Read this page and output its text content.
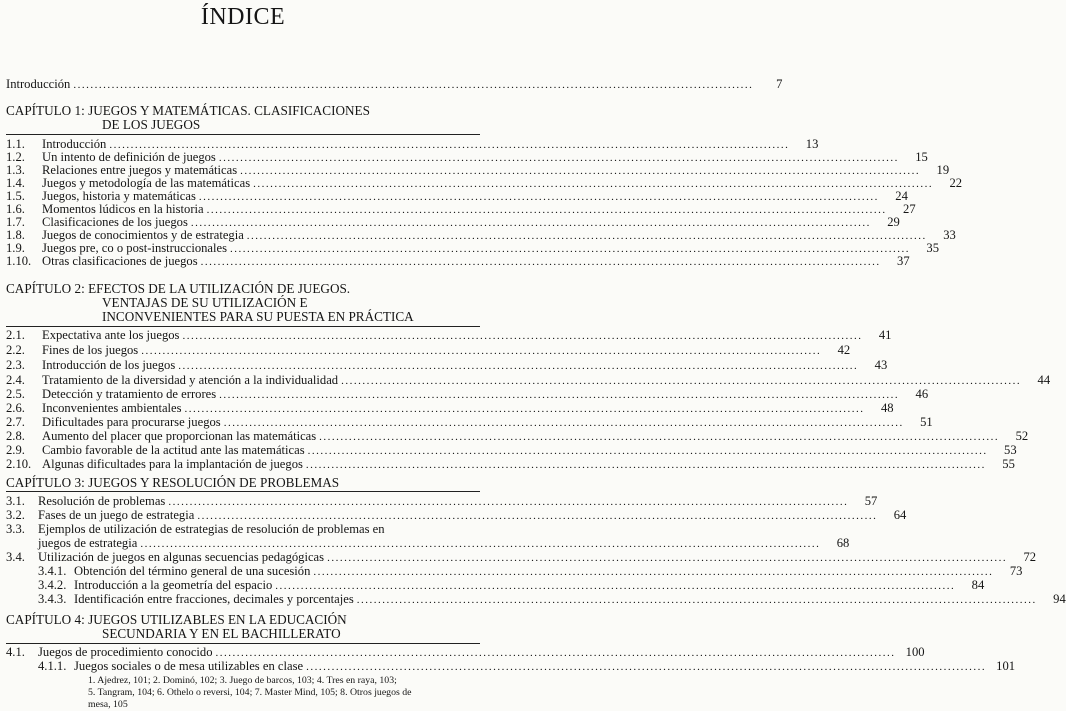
ÍNDICE
Introducción ................................................................................................................................................................	7
CAPÍTULO 1: JUEGOS Y MATEMÁTICAS. CLASIFICACIONES
DE LOS JUEGOS
1.1.	Introducción ................................................................................................................................................................	13
1.2.	Un intento de definición de juegos ................................................................................................................................................................	15
1.3.	Relaciones entre juegos y matemáticas ................................................................................................................................................................	19
1.4.	Juegos y metodología de las matemáticas ................................................................................................................................................................	22
1.5.	Juegos, historia y matemáticas ................................................................................................................................................................	24
1.6.	Momentos lúdicos en la historia ................................................................................................................................................................	27
1.7.	Clasificaciones de los juegos ................................................................................................................................................................	29
1.8.	Juegos de conocimientos y de estrategia ................................................................................................................................................................	33
1.9.	Juegos pre, co o post-instruccionales ................................................................................................................................................................	35
1.10. Otras clasificaciones de juegos ................................................................................................................................................................	37
CAPÍTULO 2: EFECTOS DE LA UTILIZACIÓN DE JUEGOS.
VENTAJAS DE SU UTILIZACIÓN E
INCONVENIENTES PARA SU PUESTA EN PRÁCTICA
2.1.	Expectativa ante los juegos ................................................................................................................................................................	41
2.2.	Fines de los juegos ................................................................................................................................................................	42
2.3.	Introducción de los juegos ................................................................................................................................................................	43
2.4.	Tratamiento de la diversidad y atención a la individualidad ................................................................................................................................................................	44
2.5.	Detección y tratamiento de errores ................................................................................................................................................................	46
2.6.	Inconvenientes ambientales ................................................................................................................................................................	48
2.7.	Dificultades para procurarse juegos ................................................................................................................................................................	51
2.8.	Aumento del placer que proporcionan las matemáticas ................................................................................................................................................................	52
2.9.	Cambio favorable de la actitud ante las matemáticas ................................................................................................................................................................	53
2.10. Algunas dificultades para la implantación de juegos ................................................................................................................................................................	55
CAPÍTULO 3: JUEGOS Y RESOLUCIÓN DE PROBLEMAS
3.1.	Resolución de problemas ................................................................................................................................................................	57
3.2.	Fases de un juego de estrategia ................................................................................................................................................................	64
3.3.	Ejemplos de utilización de estrategias de resolución de problemas en
juegos de estrategia ................................................................................................................................................................	68
3.4.	Utilización de juegos en algunas secuencias pedagógicas ................................................................................................................................................................	72
3.4.1. Obtención del término general de una sucesión ................................................................................................................................................................	73
3.4.2. Introducción a la geometría del espacio ................................................................................................................................................................	84
3.4.3. Identificación entre fracciones, decimales y porcentajes ................................................................................................................................................................	94
CAPÍTULO 4: JUEGOS UTILIZABLES EN LA EDUCACIÓN
SECUNDARIA Y EN EL BACHILLERATO
4.1.	Juegos de procedimiento conocido ................................................................................................................................................................ 100
4.1.1. Juegos sociales o de mesa utilizables en clase ................................................................................................................................................................ 101
1. Ajedrez, 101; 2. Dominó, 102; 3. Juego de barcos, 103; 4. Tres en raya, 103;
5. Tangram, 104; 6. Othelo o reversi, 104; 7. Master Mind, 105; 8. Otros juegos de
mesa, 105
